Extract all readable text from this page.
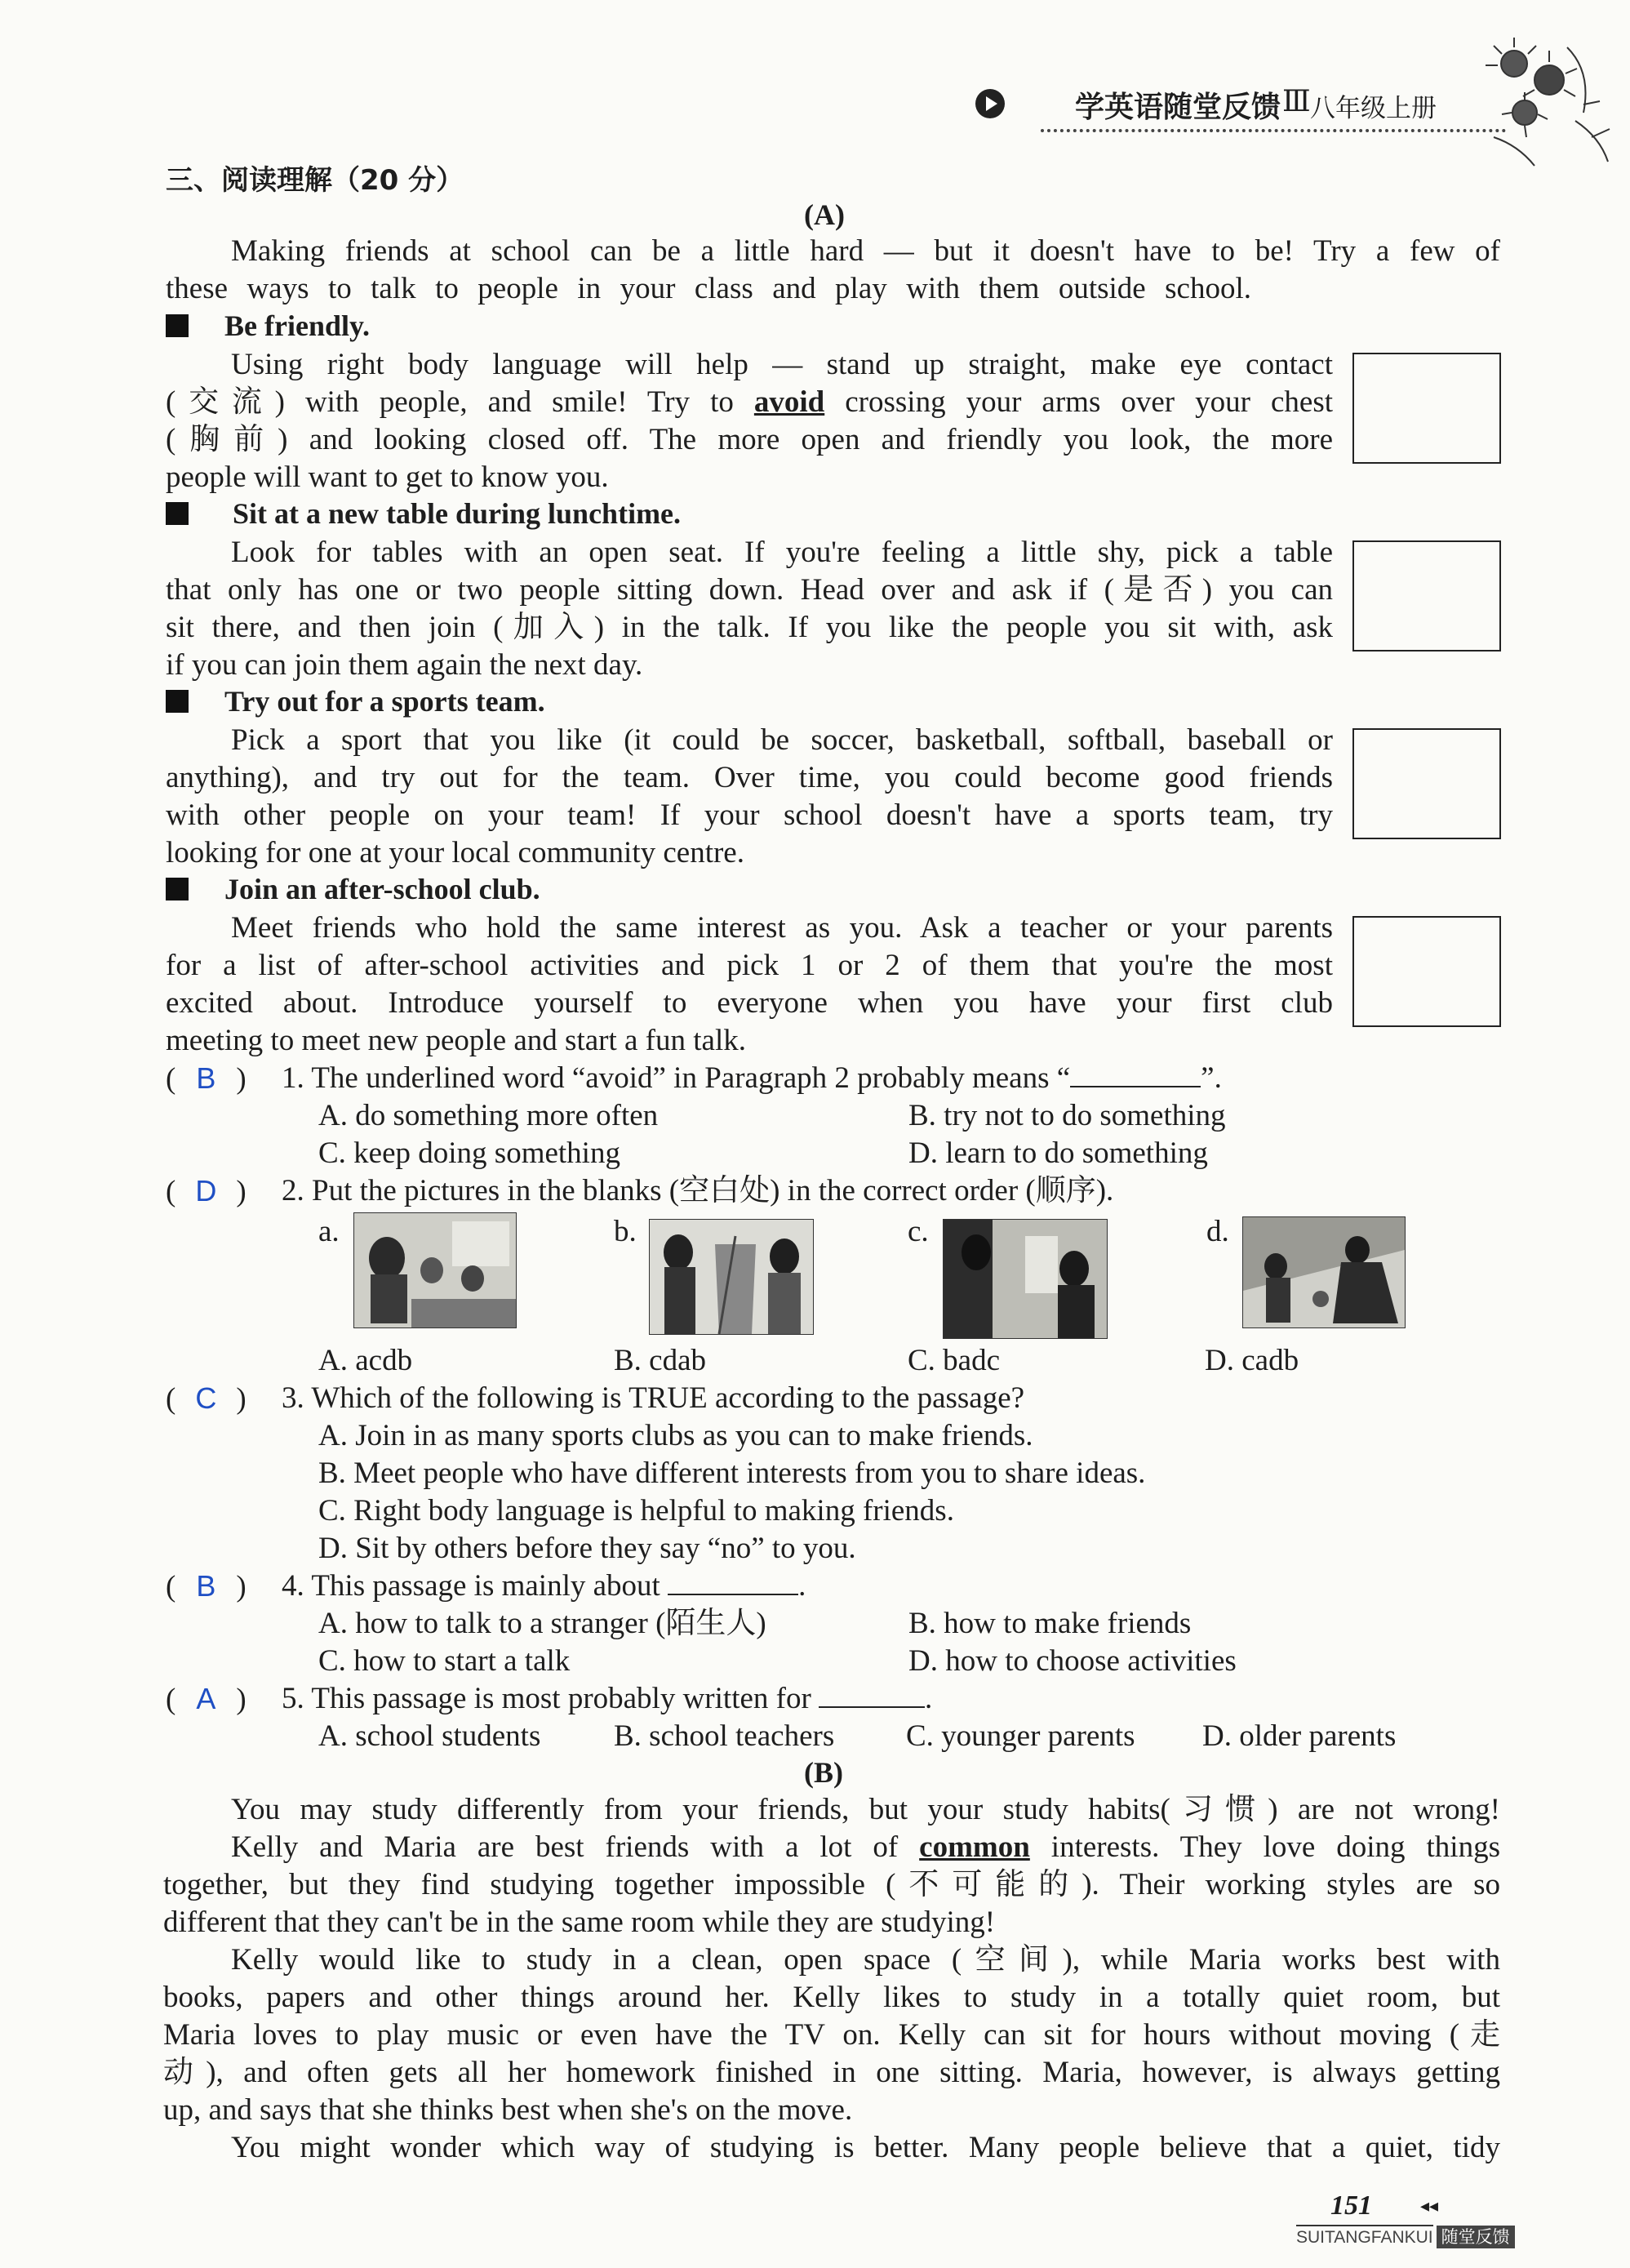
学英语随堂反馈 Ⅲ 八年级上册
三、阅读理解（20 分）
(A)
Making friends at school can be a little hard — but it doesn't have to be! Try a few of
these ways to talk to people in your class and play with them outside school.
Be friendly.
Using right body language will help — stand up straight, make eye contact
(交流) with people, and smile! Try to avoid crossing your arms over your chest
(胸前) and looking closed off. The more open and friendly you look, the more
people will want to get to know you.
Sit at a new table during lunchtime.
Look for tables with an open seat. If you're feeling a little shy, pick a table
that only has one or two people sitting down. Head over and ask if (是否) you can
sit there, and then join (加入) in the talk. If you like the people you sit with, ask
if you can join them again the next day.
Try out for a sports team.
Pick a sport that you like (it could be soccer, basketball, softball, baseball or
anything), and try out for the team. Over time, you could become good friends
with other people on your team! If your school doesn't have a sports team, try
looking for one at your local community centre.
Join an after-school club.
Meet friends who hold the same interest as you. Ask a teacher or your parents
for a list of after-school activities and pick 1 or 2 of them that you're the most
excited about. Introduce yourself to everyone when you have your first club
meeting to meet new people and start a fun talk.
( B ) 1. The underlined word “avoid” in Paragraph 2 probably means “	”.
A. do something more often	B. try not to do something
C. keep doing something	D. learn to do something
( D ) 2. Put the pictures in the blanks (空白处) in the correct order (顺序).
a.	b.	c.	d.
A. acdb	B. cdab	C. badc	D. cadb
( C ) 3. Which of the following is TRUE according to the passage?
A. Join in as many sports clubs as you can to make friends.
B. Meet people who have different interests from you to share ideas.
C. Right body language is helpful to making friends.
D. Sit by others before they say “no” to you.
( B ) 4. This passage is mainly about	.
A. how to talk to a stranger (陌生人)	B. how to make friends
C. how to start a talk	D. how to choose activities
( A ) 5. This passage is most probably written for	.
A. school students B. school teachers C. younger parents D. older parents
(B)
You may study differently from your friends, but your study habits(习惯) are not wrong!
Kelly and Maria are best friends with a lot of common interests. They love doing things
together, but they find studying together impossible (不可能的). Their working styles are so
different that they can't be in the same room while they are studying!
Kelly would like to study in a clean, open space (空间), while Maria works best with
books, papers and other things around her. Kelly likes to study in a totally quiet room, but
Maria loves to play music or even have the TV on. Kelly can sit for hours without moving (走
动), and often gets all her homework finished in one sitting. Maria, however, is always getting
up, and says that she thinks best when she's on the move.
You might wonder which way of studying is better. Many people believe that a quiet, tidy
151	◂◂
SUITANGFANKUI 随堂反馈
